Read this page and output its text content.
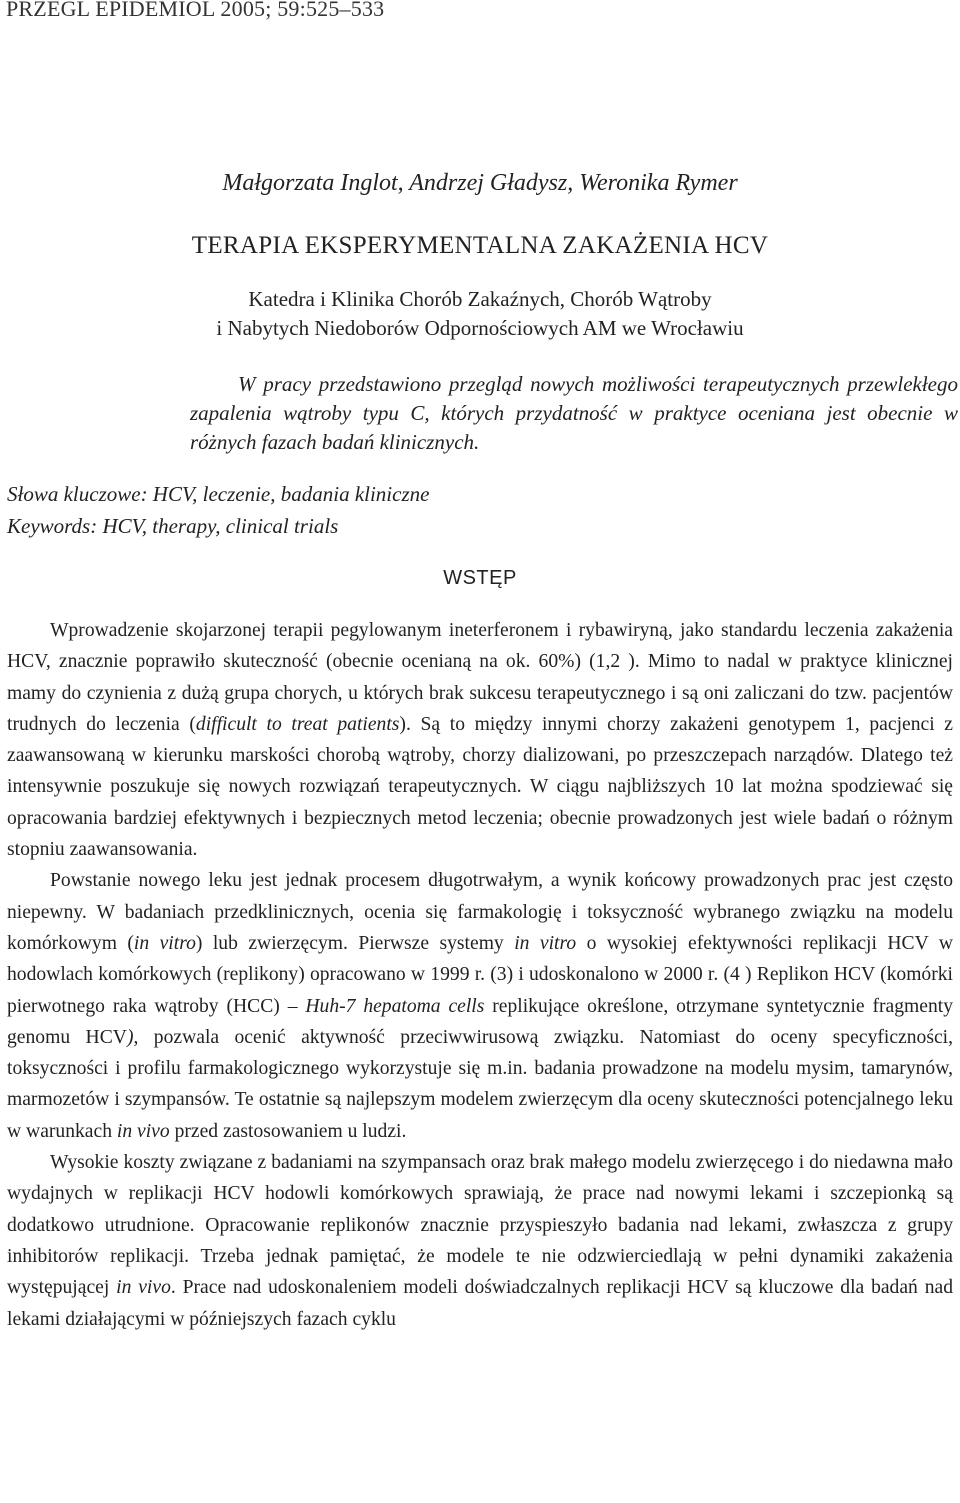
PRZEGL EPIDEMIOL 2005; 59:525–533
Małgorzata Inglot, Andrzej Gładysz, Weronika Rymer
TERAPIA EKSPERYMENTALNA ZAKAŻENIA HCV
Katedra i Klinika Chorób Zakaźnych, Chorób Wątroby
i Nabytych Niedoborów Odpornościowych AM we Wrocławiu

W pracy przedstawiono przegląd nowych możliwości terapeutycznych przewlekłego zapalenia wątroby typu C, których przydatność w praktyce oceniana jest obecnie w różnych fazach badań klinicznych.

Słowa kluczowe: HCV, leczenie, badania kliniczne
Keywords: HCV, therapy, clinical trials
WSTĘP

Wprowadzenie skojarzonej terapii pegylowanym ineterferonem i rybawiryną, jako standardu leczenia zakażenia HCV, znacznie poprawiło skuteczność (obecnie ocenianą na ok. 60%) (1,2 ). Mimo to nadal w praktyce klinicznej mamy do czynienia z dużą grupa chorych, u których brak sukcesu terapeutycznego i są oni zaliczani do tzw. pacjentów trudnych do leczenia (difficult to treat patients). Są to między innymi chorzy zakażeni genotypem 1, pacjenci z zaawansowaną w kierunku marskości chorobą wątroby, chorzy dializowani, po przeszczepach narządów. Dlatego też intensywnie poszukuje się nowych rozwiązań terapeutycznych. W ciągu najbliższych 10 lat można spodziewać się opracowania bardziej efektywnych i bezpiecznych metod leczenia; obecnie prowadzonych jest wiele badań o różnym stopniu zaawansowania.

Powstanie nowego leku jest jednak procesem długotrwałym, a wynik końcowy prowadzonych prac jest często niepewny. W badaniach przedklinicznych, ocenia się farmakologię i toksyczność wybranego związku na modelu komórkowym (in vitro) lub zwierzęcym. Pierwsze systemy in vitro o wysokiej efektywności replikacji HCV w hodowlach komórkowych (replikony) opracowano w 1999 r. (3) i udoskonalono w 2000 r. (4 ) Replikon HCV (komórki pierwotnego raka wątroby (HCC) – Huh-7 hepatoma cells replikujące określone, otrzymane syntetycznie fragmenty genomu HCV), pozwala ocenić aktywność przeciwwirusową związku. Natomiast do oceny specyficzności, toksyczności i profilu farmakologicznego wykorzystuje się m.in. badania prowadzone na modelu mysim, tamarynów, marmozetów i szympansów. Te ostatnie są najlepszym modelem zwierzęcym dla oceny skuteczności potencjalnego leku w warunkach in vivo przed zastosowaniem u ludzi.

Wysokie koszty związane z badaniami na szympansach oraz brak małego modelu zwierzęcego i do niedawna mało wydajnych w replikacji HCV hodowli komórkowych sprawiają, że prace nad nowymi lekami i szczepionką są dodatkowo utrudnione. Opracowanie replikonów znacznie przyspieszyło badania nad lekami, zwłaszcza z grupy inhibitorów replikacji. Trzeba jednak pamiętać, że modele te nie odzwierciedlają w pełni dynamiki zakażenia występującej in vivo. Prace nad udoskonaleniem modeli doświadczalnych replikacji HCV są kluczowe dla badań nad lekami działającymi w późniejszych fazach cyklu
